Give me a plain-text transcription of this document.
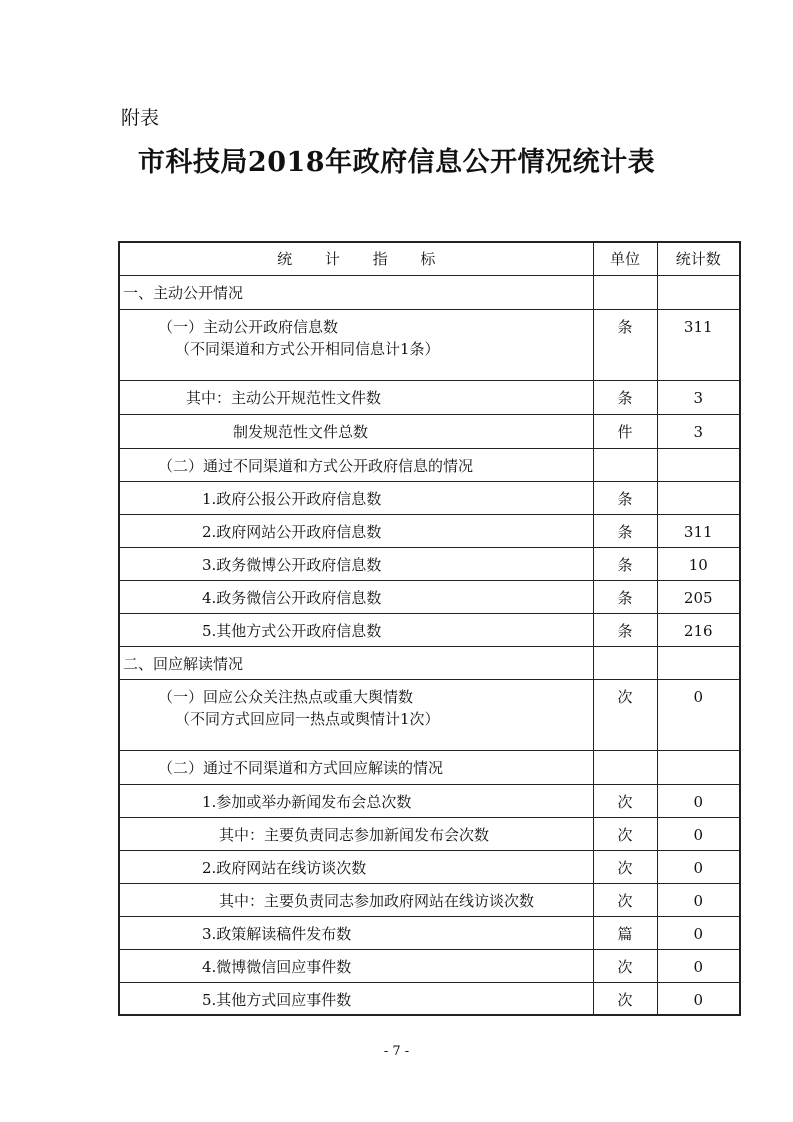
附表
市科技局2018年政府信息公开情况统计表
统 计 指 标	单位	统计数

一、主动公开情况		

（一）主动公开政府信息数
（不同渠道和方式公开相同信息计1条）	条	311

其中：主动公开规范性文件数	条	3

制发规范性文件总数	件	3

（二）通过不同渠道和方式公开政府信息的情况		

1.政府公报公开政府信息数	条	

2.政府网站公开政府信息数	条	311

3.政务微博公开政府信息数	条	10

4.政务微信公开政府信息数	条	205

5.其他方式公开政府信息数	条	216

二、回应解读情况		

（一）回应公众关注热点或重大舆情数
（不同方式回应同一热点或舆情计1次）	次	0

（二）通过不同渠道和方式回应解读的情况		

1.参加或举办新闻发布会总次数	次	0

其中：主要负责同志参加新闻发布会次数	次	0

2.政府网站在线访谈次数	次	0

其中：主要负责同志参加政府网站在线访谈次数	次	0

3.政策解读稿件发布数	篇	0

4.微博微信回应事件数	次	0

5.其他方式回应事件数	次	0
- 7 -
